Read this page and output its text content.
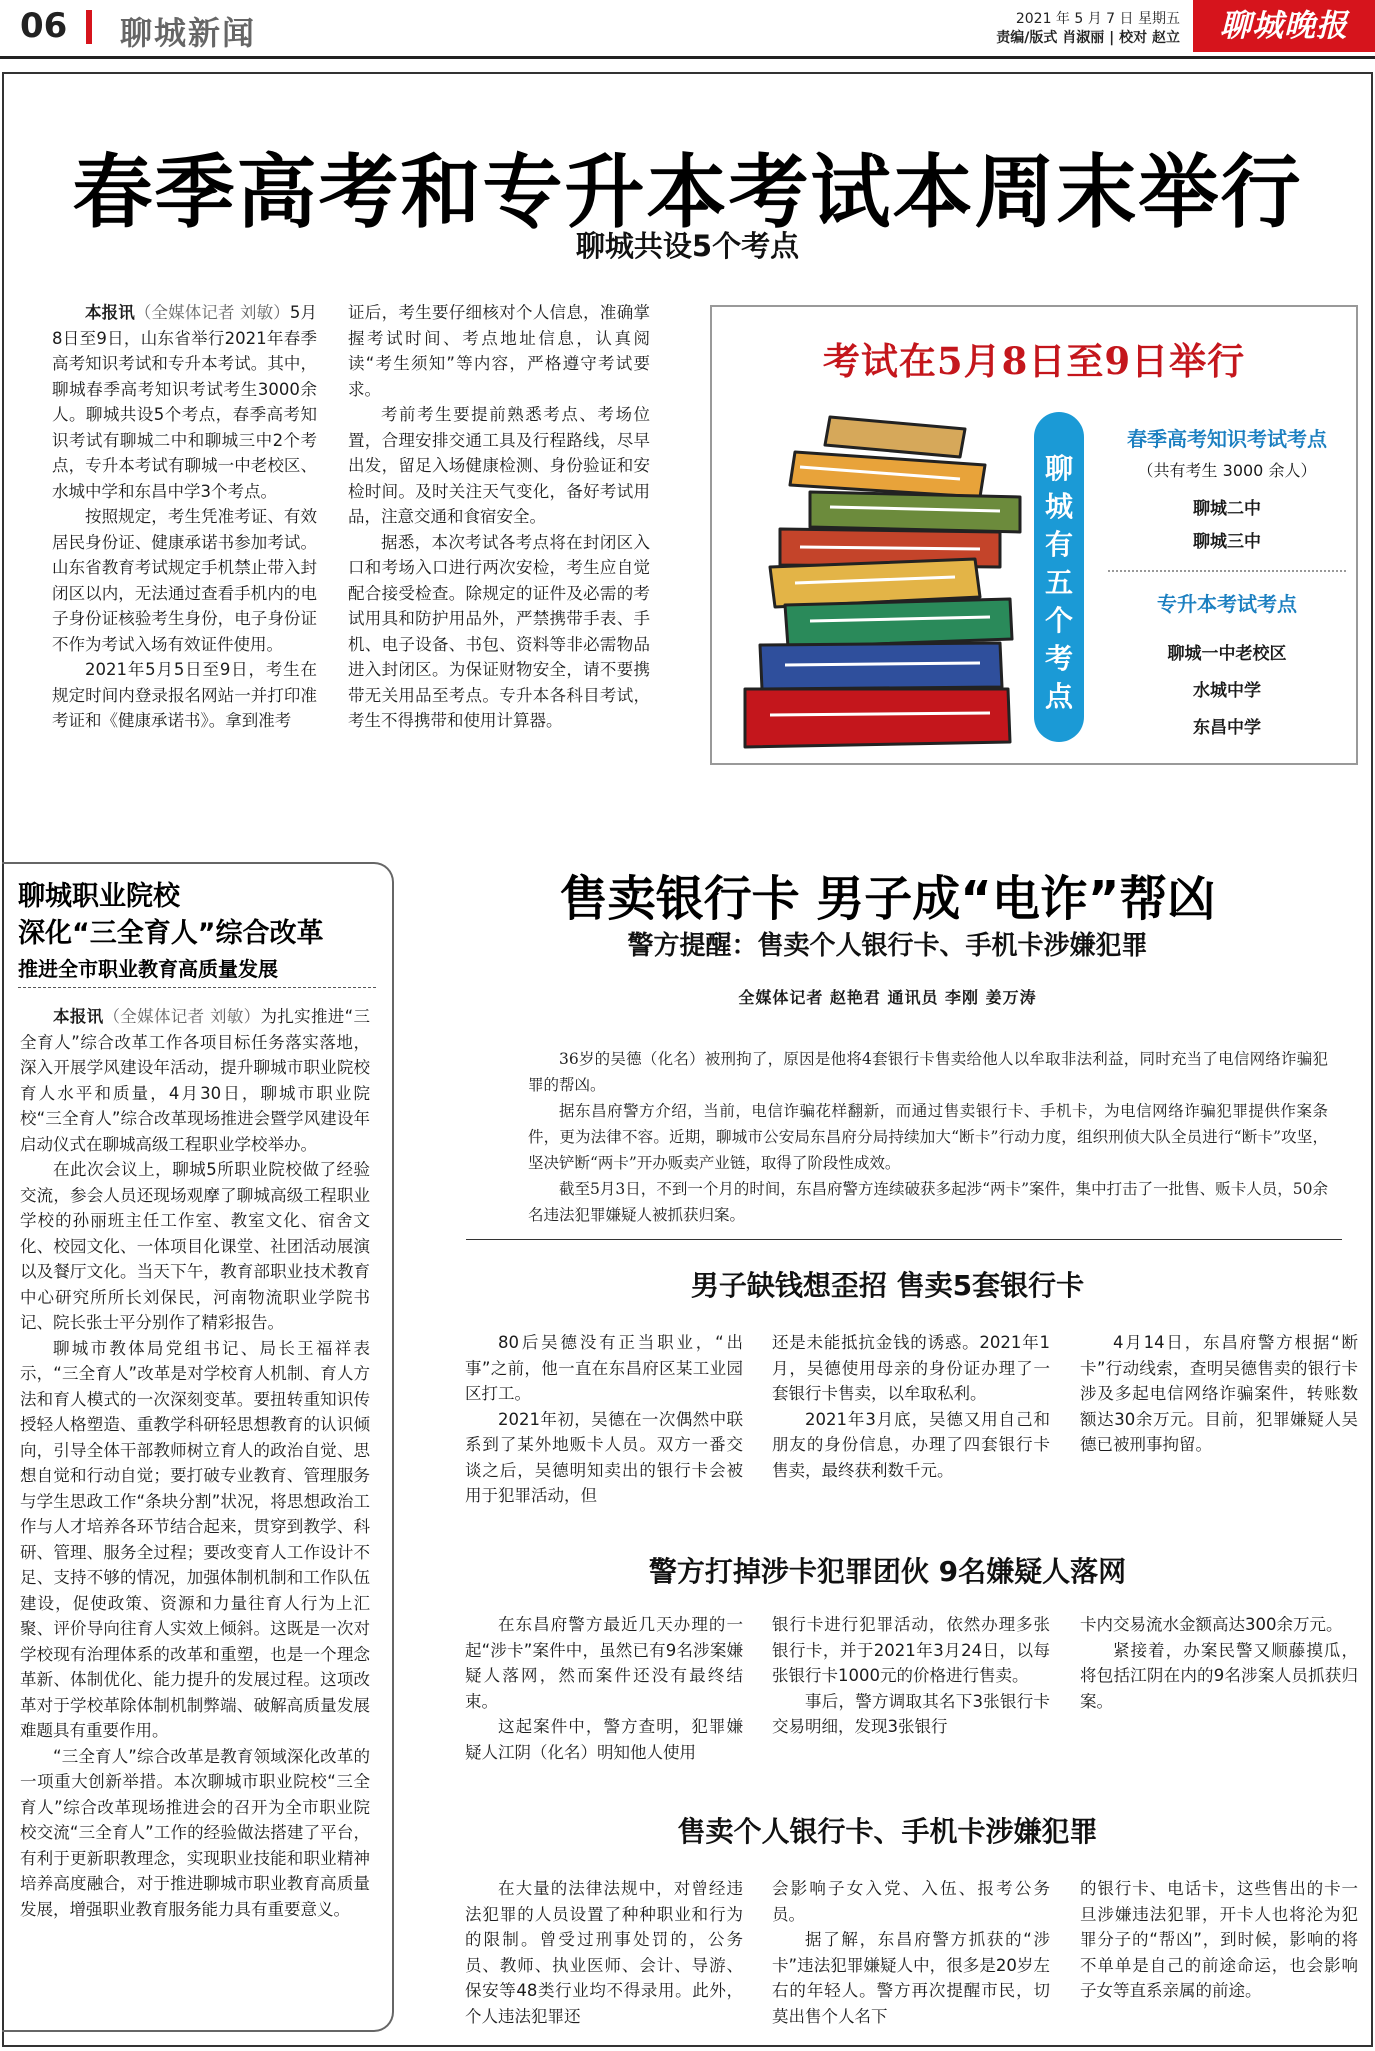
06 聊城新闻	2021 年 5 月 7 日 星期五
责编/版式 肖淑丽 | 校对 赵立	聊城晚报
春季高考和专升本考试本周末举行
聊城共设5个考点

本报讯（全媒体记者 刘敏）5月8日至9日，山东省举行2021年春季高考知识考试和专升本考试。其中，聊城春季高考知识考试考生3000余人。聊城共设5个考点，春季高考知识考试有聊城二中和聊城三中2个考点，专升本考试有聊城一中老校区、水城中学和东昌中学3个考点。

按照规定，考生凭准考证、有效居民身份证、健康承诺书参加考试。山东省教育考试规定手机禁止带入封闭区以内，无法通过查看手机内的电子身份证核验考生身份，电子身份证不作为考试入场有效证件使用。

2021年5月5日至9日，考生在规定时间内登录报名网站一并打印准考证和《健康承诺书》。拿到准考

证后，考生要仔细核对个人信息，准确掌握考试时间、考点地址信息，认真阅读“考生须知”等内容，严格遵守考试要求。

考前考生要提前熟悉考点、考场位置，合理安排交通工具及行程路线，尽早出发，留足入场健康检测、身份验证和安检时间。及时关注天气变化，备好考试用品，注意交通和食宿安全。

据悉，本次考试各考点将在封闭区入口和考场入口进行两次安检，考生应自觉配合接受检查。除规定的证件及必需的考试用具和防护用品外，严禁携带手表、手机、电子设备、书包、资料等非必需物品进入封闭区。为保证财物安全，请不要携带无关用品至考点。专升本各科目考试，考生不得携带和使用计算器。

考试在5月8日至9日举行
聊
城
有
五
个
考
点
春季高考知识考试考点
（共有考生 3000 余人）
聊城二中
聊城三中
专升本考试考点
聊城一中老校区
水城中学
东昌中学
聊城职业院校
深化“三全育人”综合改革
推进全市职业教育高质量发展

本报讯（全媒体记者 刘敏）为扎实推进“三全育人”综合改革工作各项目标任务落实落地，深入开展学风建设年活动，提升聊城市职业院校育人水平和质量，4月30日，聊城市职业院校“三全育人”综合改革现场推进会暨学风建设年启动仪式在聊城高级工程职业学校举办。

在此次会议上，聊城5所职业院校做了经验交流，参会人员还现场观摩了聊城高级工程职业学校的孙丽班主任工作室、教室文化、宿舍文化、校园文化、一体项目化课堂、社团活动展演以及餐厅文化。当天下午，教育部职业技术教育中心研究所所长刘保民，河南物流职业学院书记、院长张士平分别作了精彩报告。

聊城市教体局党组书记、局长王福祥表示，“三全育人”改革是对学校育人机制、育人方法和育人模式的一次深刻变革。要扭转重知识传授轻人格塑造、重教学科研轻思想教育的认识倾向，引导全体干部教师树立育人的政治自觉、思想自觉和行动自觉；要打破专业教育、管理服务与学生思政工作“条块分割”状况，将思想政治工作与人才培养各环节结合起来，贯穿到教学、科研、管理、服务全过程；要改变育人工作设计不足、支持不够的情况，加强体制机制和工作队伍建设，促使政策、资源和力量往育人行为上汇聚、评价导向往育人实效上倾斜。这既是一次对学校现有治理体系的改革和重塑，也是一个理念革新、体制优化、能力提升的发展过程。这项改革对于学校革除体制机制弊端、破解高质量发展难题具有重要作用。

“三全育人”综合改革是教育领域深化改革的一项重大创新举措。本次聊城市职业院校“三全育人”综合改革现场推进会的召开为全市职业院校交流“三全育人”工作的经验做法搭建了平台，有利于更新职教理念，实现职业技能和职业精神培养高度融合，对于推进聊城市职业教育高质量发展，增强职业教育服务能力具有重要意义。

售卖银行卡 男子成“电诈”帮凶
警方提醒：售卖个人银行卡、手机卡涉嫌犯罪
全媒体记者 赵艳君 通讯员 李刚 姜万涛

36岁的吴德（化名）被刑拘了，原因是他将4套银行卡售卖给他人以牟取非法利益，同时充当了电信网络诈骗犯罪的帮凶。

据东昌府警方介绍，当前，电信诈骗花样翻新，而通过售卖银行卡、手机卡，为电信网络诈骗犯罪提供作案条件，更为法律不容。近期，聊城市公安局东昌府分局持续加大“断卡”行动力度，组织刑侦大队全员进行“断卡”攻坚，坚决铲断“两卡”开办贩卖产业链，取得了阶段性成效。

截至5月3日，不到一个月的时间，东昌府警方连续破获多起涉“两卡”案件，集中打击了一批售、贩卡人员，50余名违法犯罪嫌疑人被抓获归案。

男子缺钱想歪招 售卖5套银行卡

80后吴德没有正当职业，“出事”之前，他一直在东昌府区某工业园区打工。

2021年初，吴德在一次偶然中联系到了某外地贩卡人员。双方一番交谈之后，吴德明知卖出的银行卡会被用于犯罪活动，但

还是未能抵抗金钱的诱惑。2021年1月，吴德使用母亲的身份证办理了一套银行卡售卖，以牟取私利。

2021年3月底，吴德又用自己和朋友的身份信息，办理了四套银行卡售卖，最终获利数千元。

4月14日，东昌府警方根据“断卡”行动线索，查明吴德售卖的银行卡涉及多起电信网络诈骗案件，转账数额达30余万元。目前，犯罪嫌疑人吴德已被刑事拘留。

警方打掉涉卡犯罪团伙 9名嫌疑人落网

在东昌府警方最近几天办理的一起“涉卡”案件中，虽然已有9名涉案嫌疑人落网，然而案件还没有最终结束。

这起案件中，警方查明，犯罪嫌疑人江阴（化名）明知他人使用

银行卡进行犯罪活动，依然办理多张银行卡，并于2021年3月24日，以每张银行卡1000元的价格进行售卖。

事后，警方调取其名下3张银行卡交易明细，发现3张银行

卡内交易流水金额高达300余万元。

紧接着，办案民警又顺藤摸瓜，将包括江阴在内的9名涉案人员抓获归案。

售卖个人银行卡、手机卡涉嫌犯罪

在大量的法律法规中，对曾经违法犯罪的人员设置了种种职业和行为的限制。曾受过刑事处罚的，公务员、教师、执业医师、会计、导游、保安等48类行业均不得录用。此外，个人违法犯罪还

会影响子女入党、入伍、报考公务员。

据了解，东昌府警方抓获的“涉卡”违法犯罪嫌疑人中，很多是20岁左右的年轻人。警方再次提醒市民，切莫出售个人名下

的银行卡、电话卡，这些售出的卡一旦涉嫌违法犯罪，开卡人也将沦为犯罪分子的“帮凶”，到时候，影响的将不单单是自己的前途命运，也会影响子女等直系亲属的前途。
